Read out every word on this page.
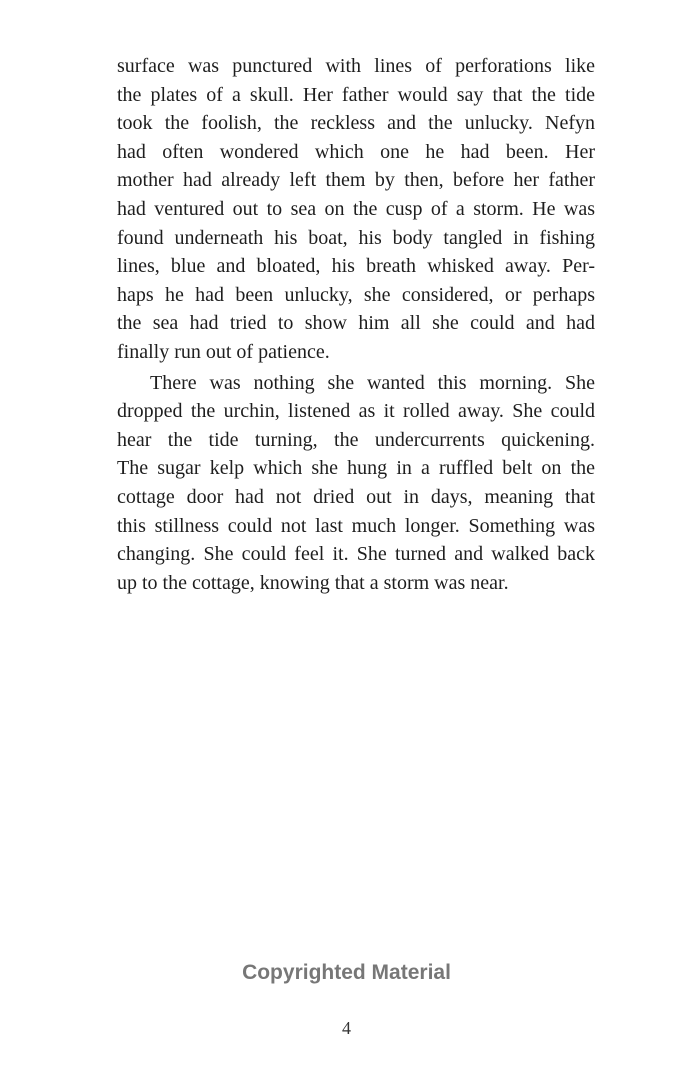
surface was punctured with lines of perforations like
the plates of a skull. Her father would say that the tide
took the foolish, the reckless and the unlucky. Nefyn
had often wondered which one he had been. Her
mother had already left them by then, before her father
had ventured out to sea on the cusp of a storm. He was
found underneath his boat, his body tangled in fishing
lines, blue and bloated, his breath whisked away. Per-
haps he had been unlucky, she considered, or perhaps
the sea had tried to show him all she could and had
finally run out of patience.

There was nothing she wanted this morning. She
dropped the urchin, listened as it rolled away. She could
hear the tide turning, the undercurrents quickening.
The sugar kelp which she hung in a ruffled belt on the
cottage door had not dried out in days, meaning that
this stillness could not last much longer. Something was
changing. She could feel it. She turned and walked back
up to the cottage, knowing that a storm was near.

Copyrighted Material
4
